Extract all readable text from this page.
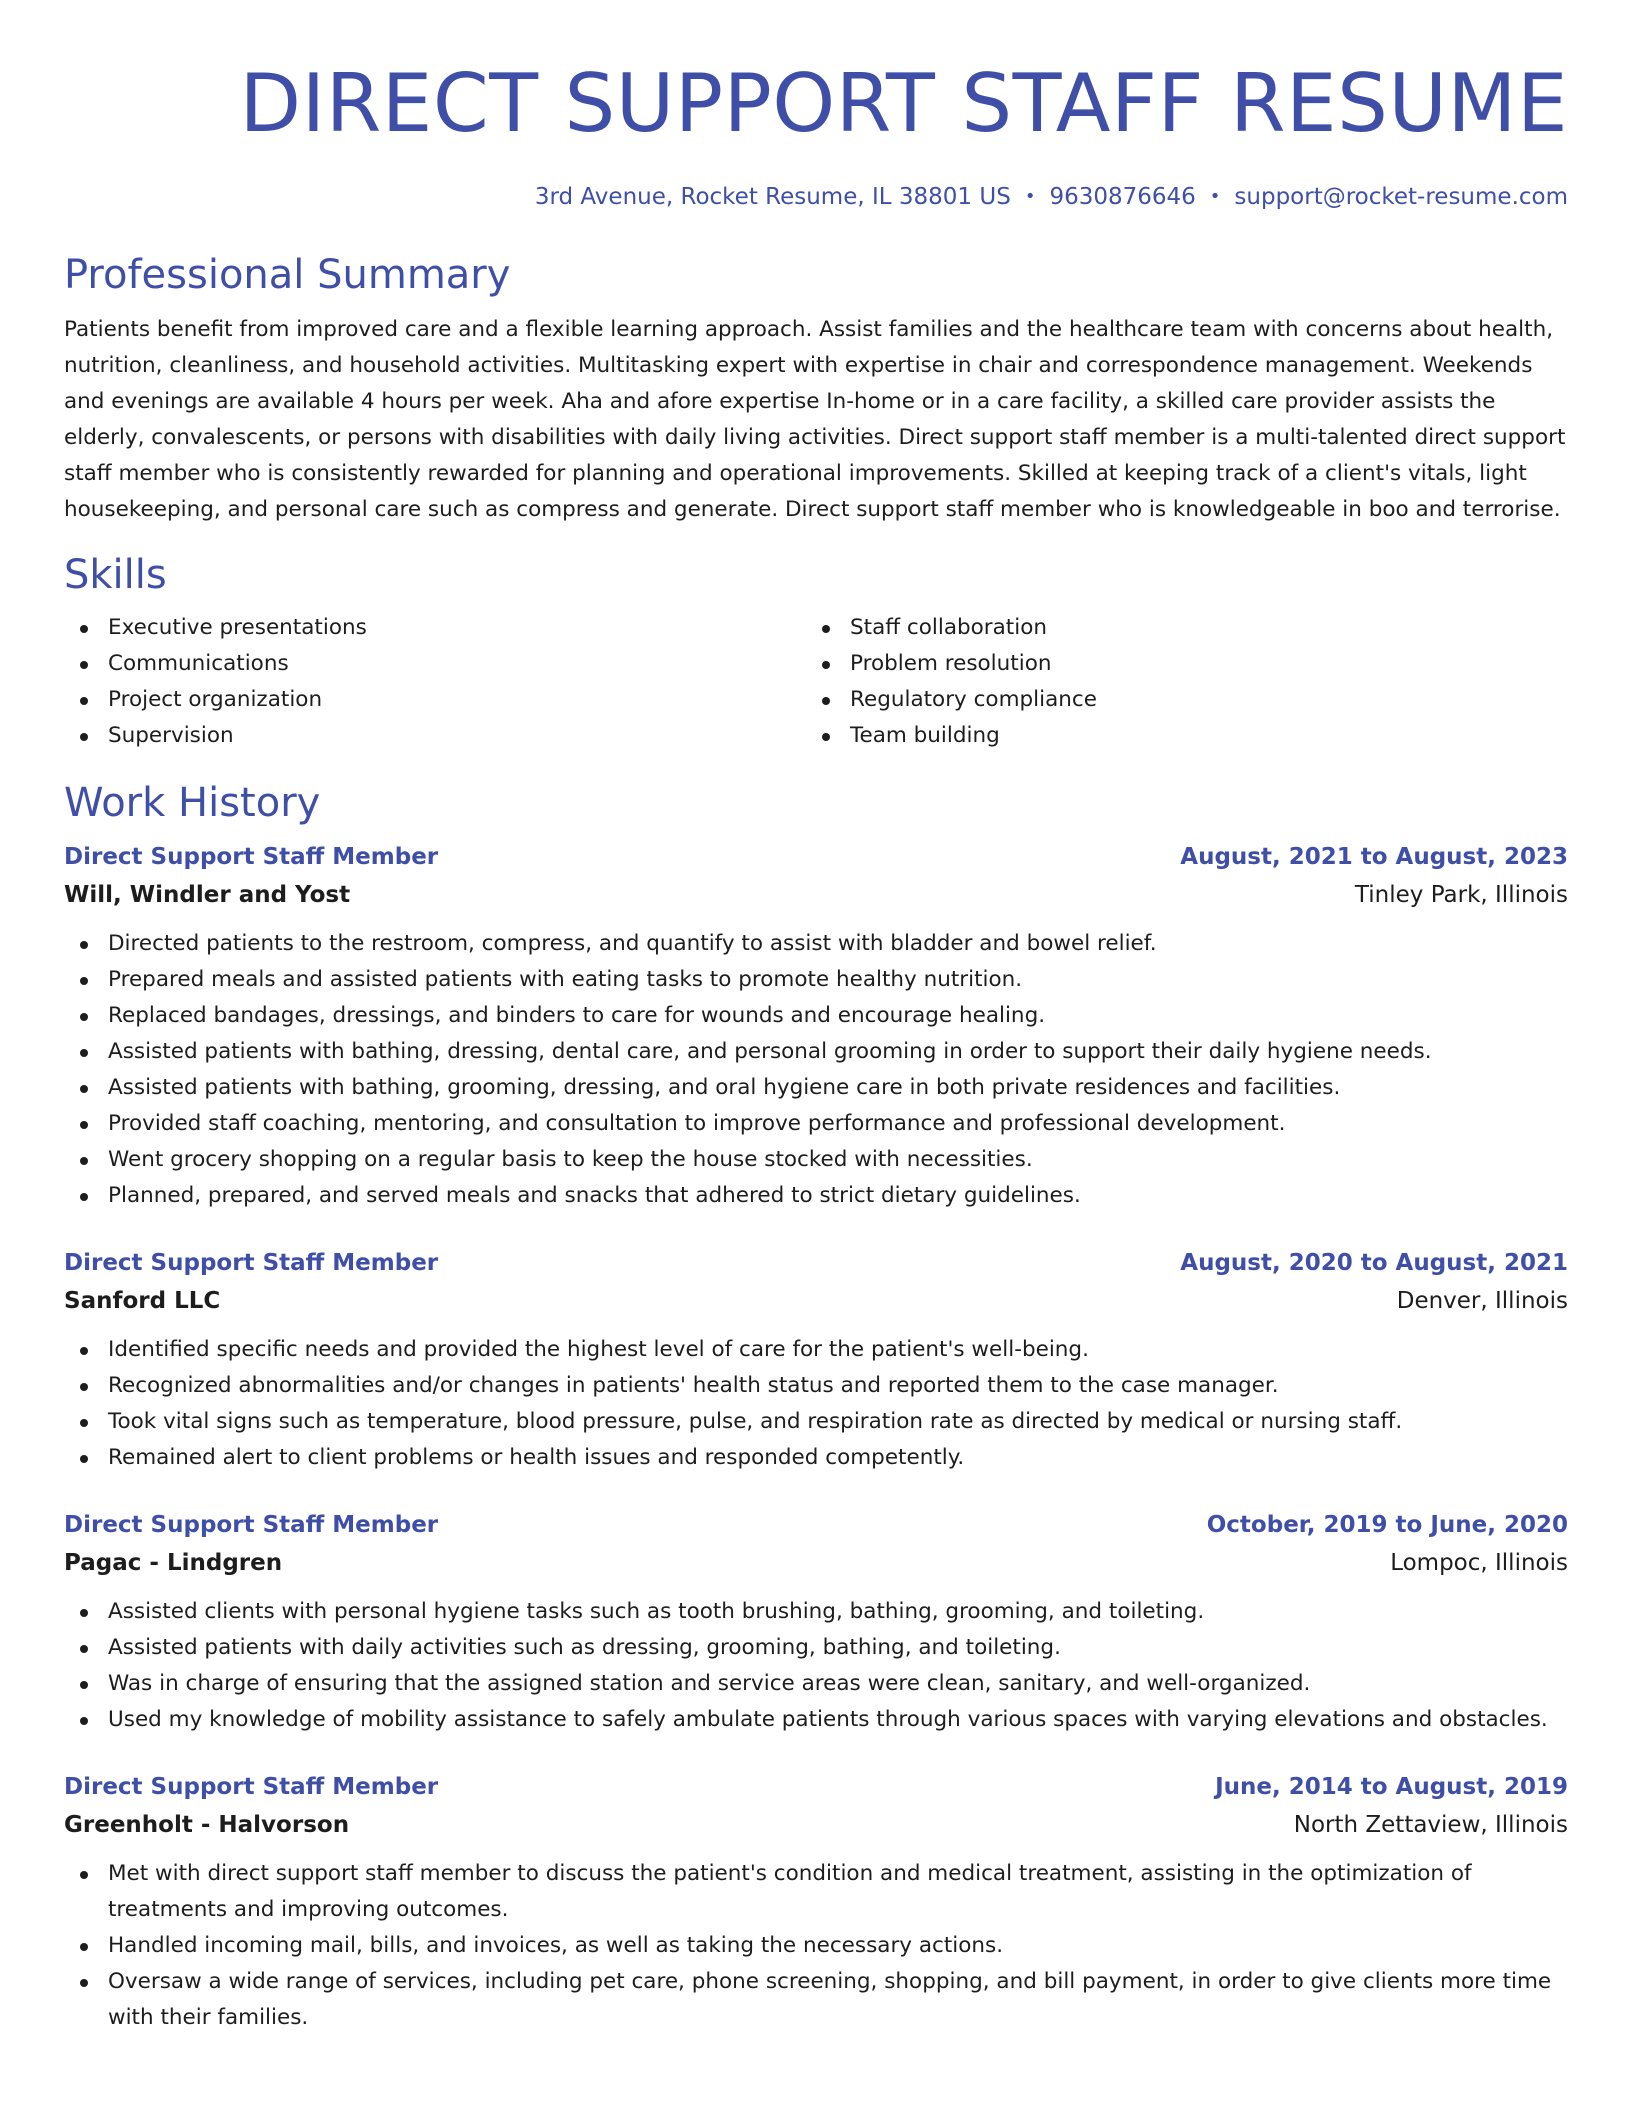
DIRECT SUPPORT STAFF RESUME
3rd Avenue, Rocket Resume, IL 38801 US • 9630876646 • support@rocket-resume.com
Professional Summary

Patients benefit from improved care and a flexible learning approach. Assist families and the healthcare team with concerns about health, nutrition, cleanliness, and household activities. Multitasking expert with expertise in chair and correspondence management. Weekends and evenings are available 4 hours per week. Aha and afore expertise In-home or in a care facility, a skilled care provider assists the elderly, convalescents, or persons with disabilities with daily living activities. Direct support staff member is a multi-talented direct support staff member who is consistently rewarded for planning and operational improvements. Skilled at keeping track of a client's vitals, light housekeeping, and personal care such as compress and generate. Direct support staff member who is knowledgeable in boo and terrorise.

Skills
Executive presentations
Communications
Project organization
Supervision
Staff collaboration
Problem resolution
Regulatory compliance
Team building
Work History
Direct Support Staff Member	August, 2021 to August, 2023
Will, Windler and Yost	Tinley Park, Illinois
Directed patients to the restroom, compress, and quantify to assist with bladder and bowel relief.
Prepared meals and assisted patients with eating tasks to promote healthy nutrition.
Replaced bandages, dressings, and binders to care for wounds and encourage healing.
Assisted patients with bathing, dressing, dental care, and personal grooming in order to support their daily hygiene needs.
Assisted patients with bathing, grooming, dressing, and oral hygiene care in both private residences and facilities.
Provided staff coaching, mentoring, and consultation to improve performance and professional development.
Went grocery shopping on a regular basis to keep the house stocked with necessities.
Planned, prepared, and served meals and snacks that adhered to strict dietary guidelines.
Direct Support Staff Member	August, 2020 to August, 2021
Sanford LLC	Denver, Illinois
Identified specific needs and provided the highest level of care for the patient's well-being.
Recognized abnormalities and/or changes in patients' health status and reported them to the case manager.
Took vital signs such as temperature, blood pressure, pulse, and respiration rate as directed by medical or nursing staff.
Remained alert to client problems or health issues and responded competently.
Direct Support Staff Member	October, 2019 to June, 2020
Pagac - Lindgren	Lompoc, Illinois
Assisted clients with personal hygiene tasks such as tooth brushing, bathing, grooming, and toileting.
Assisted patients with daily activities such as dressing, grooming, bathing, and toileting.
Was in charge of ensuring that the assigned station and service areas were clean, sanitary, and well-organized.
Used my knowledge of mobility assistance to safely ambulate patients through various spaces with varying elevations and obstacles.
Direct Support Staff Member	June, 2014 to August, 2019
Greenholt - Halvorson	North Zettaview, Illinois
Met with direct support staff member to discuss the patient's condition and medical treatment, assisting in the optimization of treatments and improving outcomes.
Handled incoming mail, bills, and invoices, as well as taking the necessary actions.
Oversaw a wide range of services, including pet care, phone screening, shopping, and bill payment, in order to give clients more time with their families.
